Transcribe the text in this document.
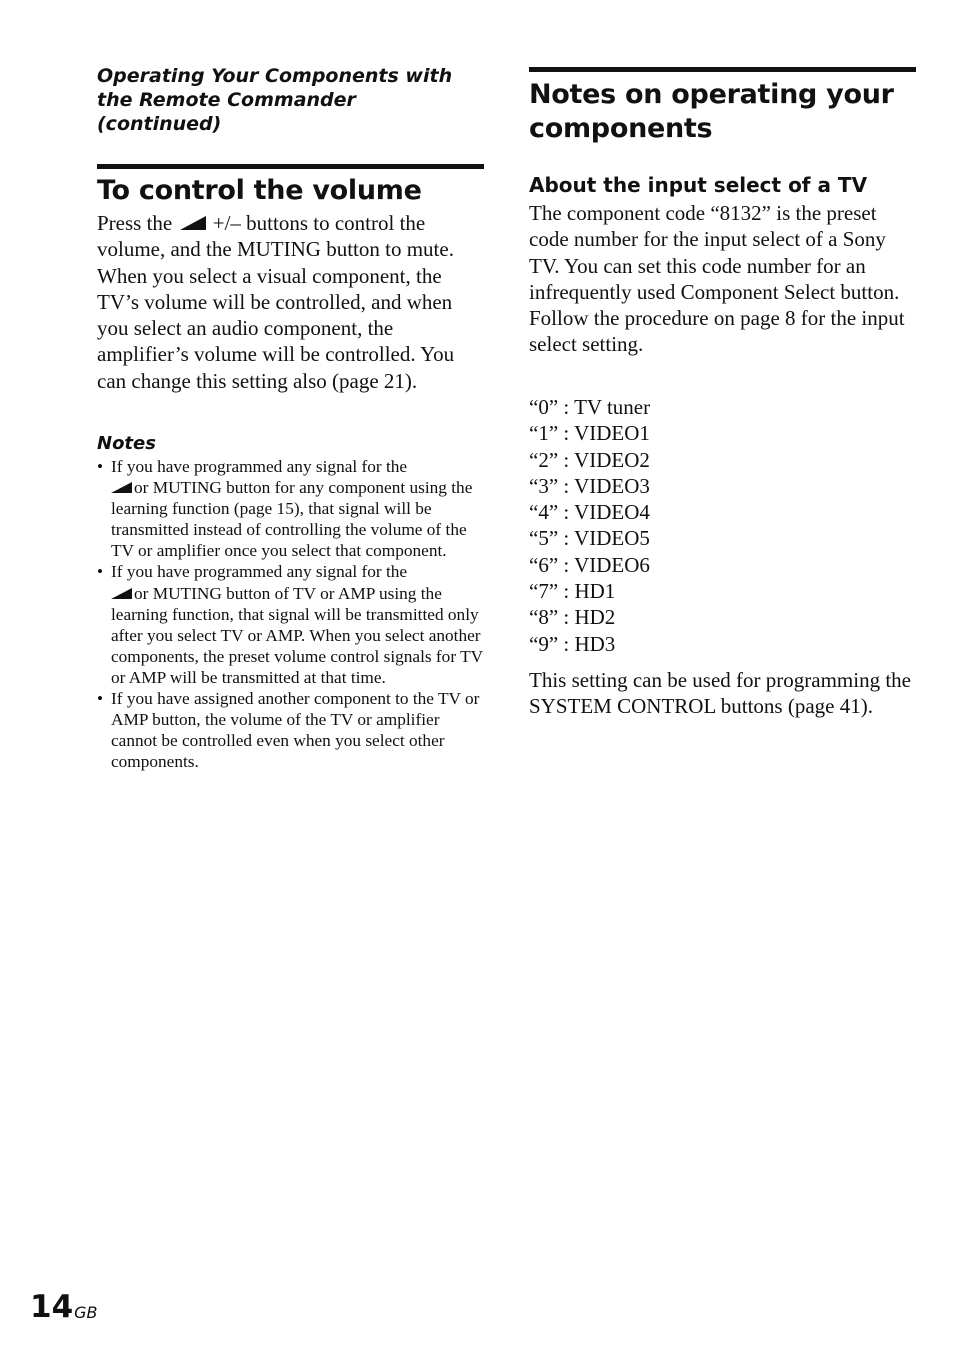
Operating Your Components with
the Remote Commander
(continued)
To control the volume

Press the  +/– buttons to control the volume, and the MUTING button to mute. When you select a visual component, the TV’s volume will be controlled, and when you select an audio component, the amplifier’s volume will be controlled. You can change this setting also (page 21).

Notes
• If you have programmed any signal for the
or MUTING button for any component using the learning function (page 15), that signal will be transmitted instead of controlling the volume of the TV or amplifier once you select that component.
• If you have programmed any signal for the
or MUTING button of TV or AMP using the learning function, that signal will be transmitted only after you select TV or AMP. When you select another components, the preset volume control signals for TV or AMP will be transmitted at that time.
• If you have assigned another component to the TV or AMP button, the volume of the TV or amplifier cannot be controlled even when you select other components.
Notes on operating your
components
About the input select of a TV
The component code “8132” is the preset code number for the input select of a Sony TV. You can set this code number for an infrequently used Component Select button.
Follow the procedure on page 8 for the input select setting.
“0” : TV tuner
“1” : VIDEO1
“2” : VIDEO2
“3” : VIDEO3
“4” : VIDEO4
“5” : VIDEO5
“6” : VIDEO6
“7” : HD1
“8” : HD2
“9” : HD3

This setting can be used for programming the SYSTEM CONTROL buttons (page 41).

$14^{GB}$
